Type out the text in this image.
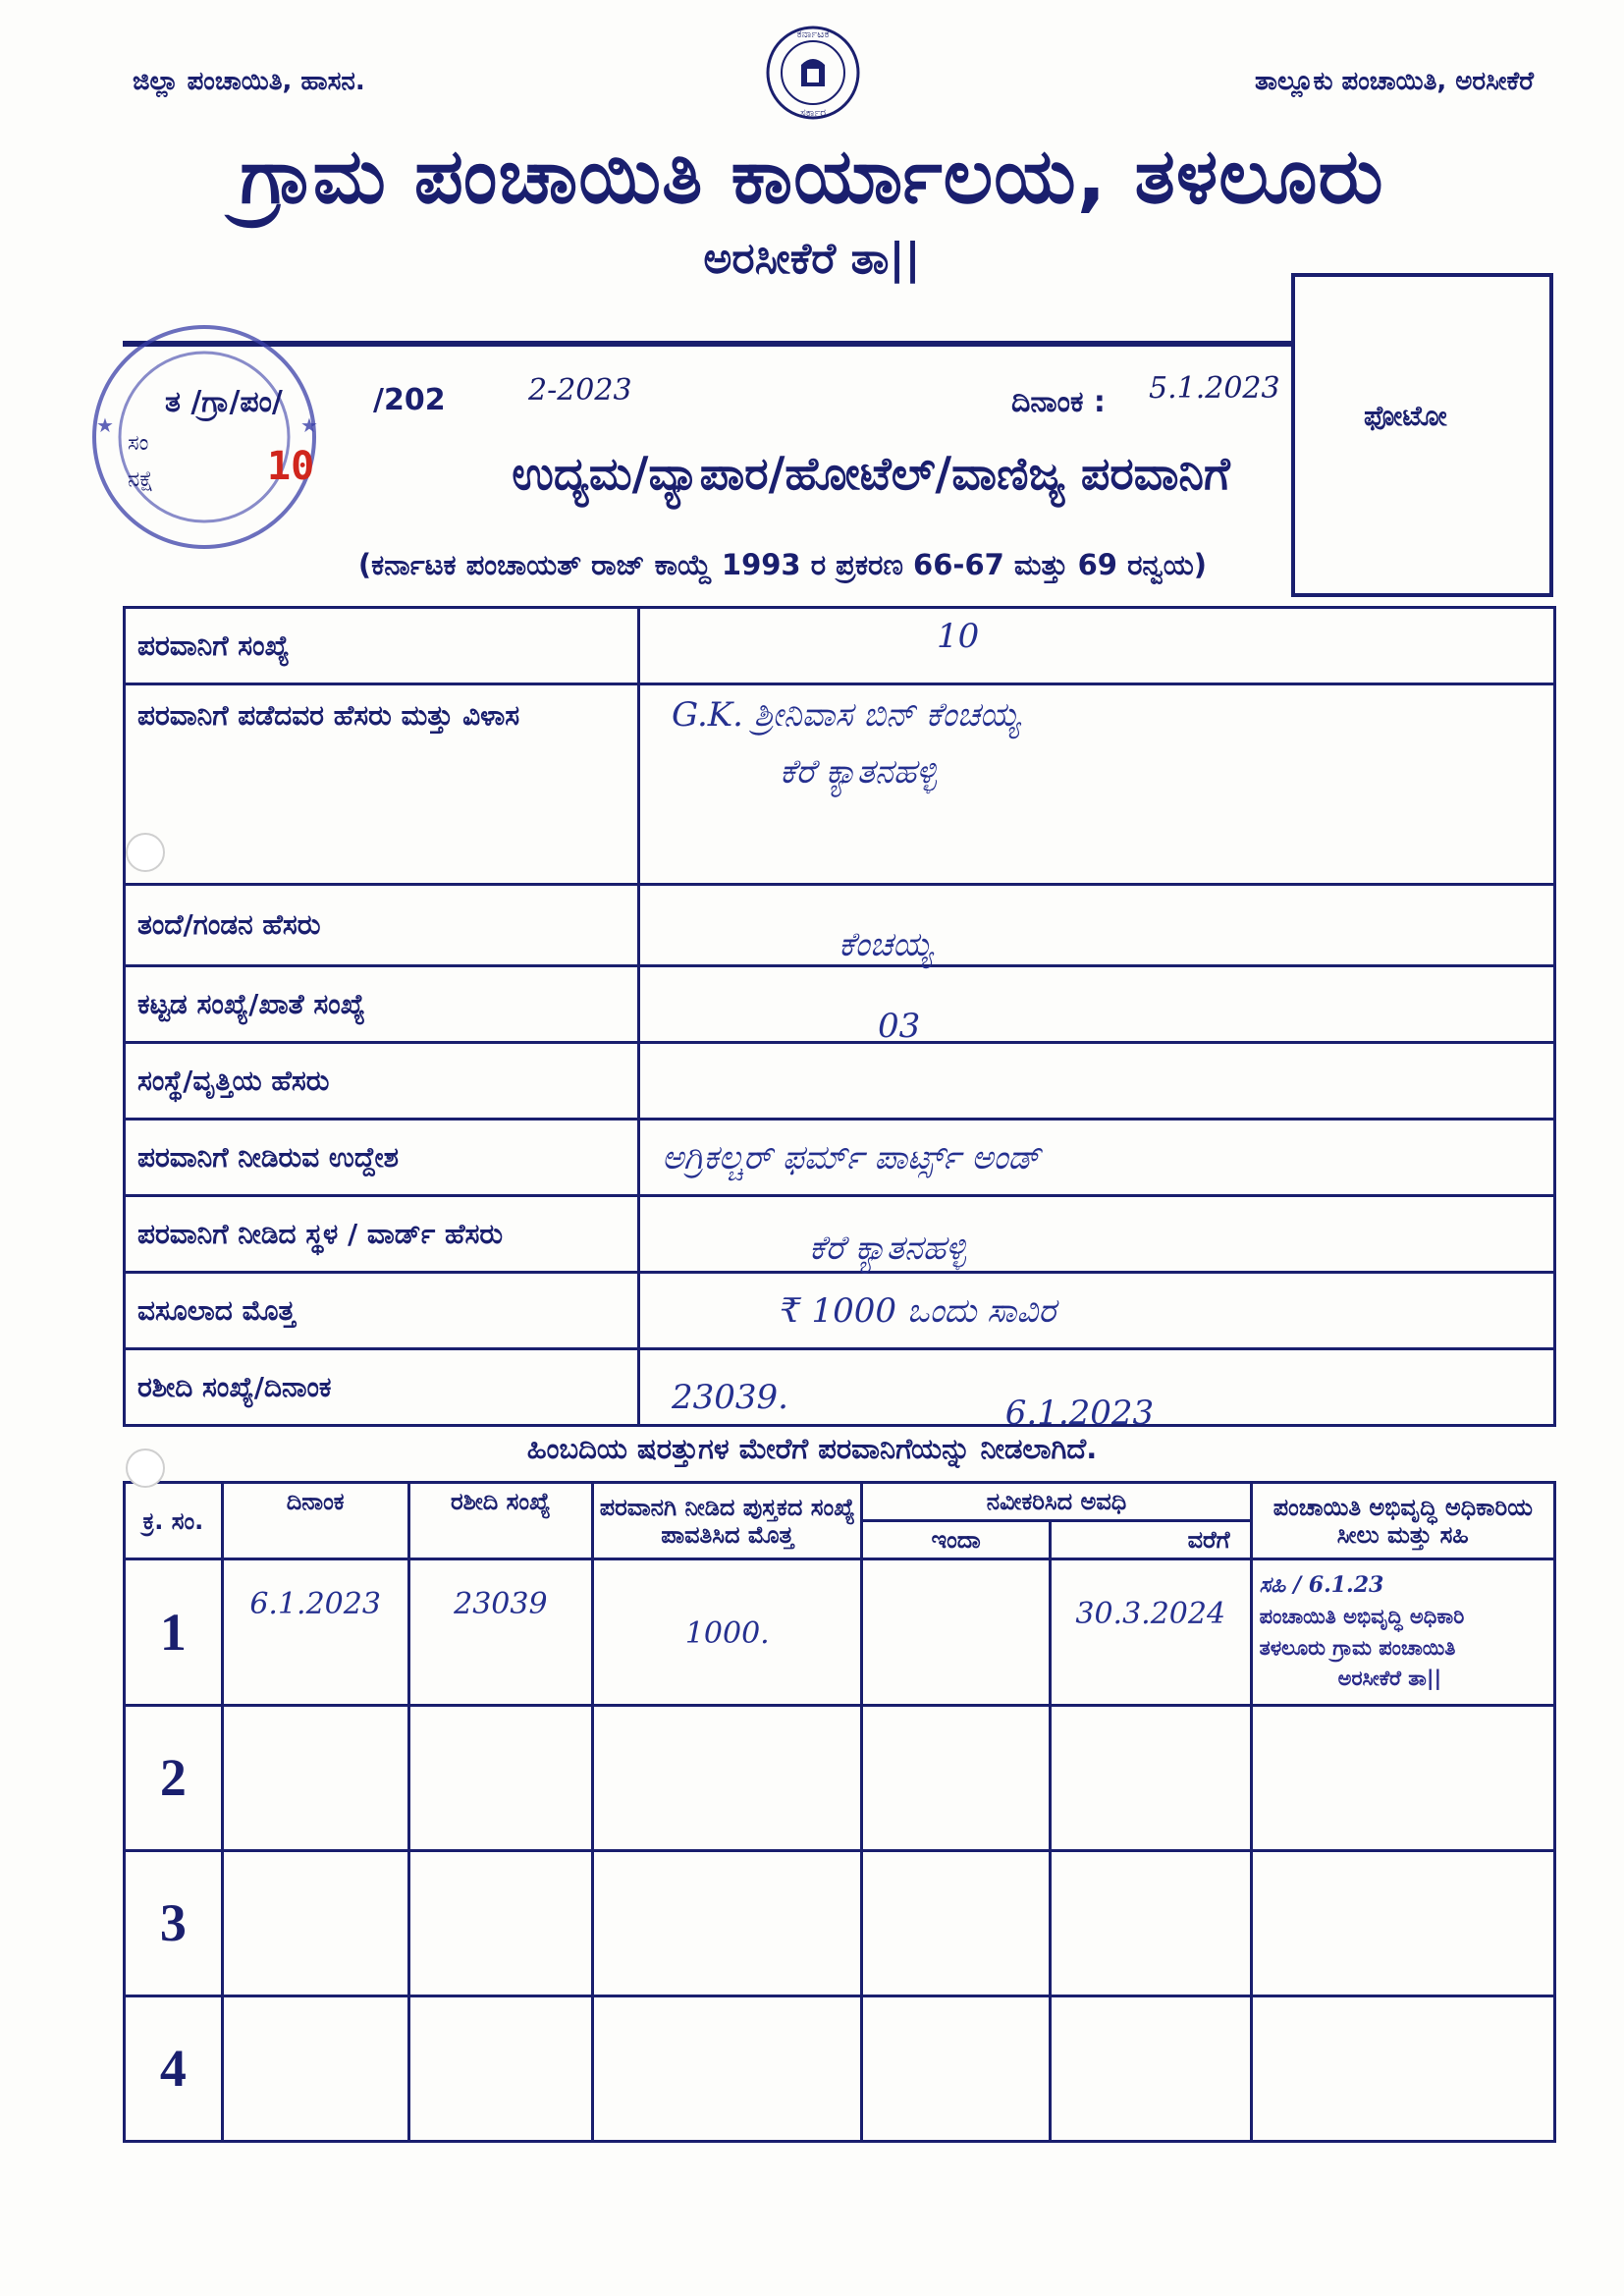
ಕರ್ನಾಟಕ
ಸರ್ಕಾರ
ಜಿಲ್ಲಾ ಪಂಚಾಯಿತಿ, ಹಾಸನ.	ತಾಲ್ಲೂಕು ಪಂಚಾಯಿತಿ, ಅರಸೀಕೆರೆ
ಗ್ರಾಮ ಪಂಚಾಯಿತಿ ಕಾರ್ಯಾಲಯ, ತಳಲೂರು
ಅರಸೀಕೆರೆ ತಾ||
ಫೋಟೋ
★	★
ಸಂ
ನಕ್ಷೆ	10
ತ /ಗ್ರಾ/ಪಂ/	/202	2-2023	ದಿನಾಂಕ : 5.1.2023
ಉದ್ಯಮ/ವ್ಯಾಪಾರ/ಹೋಟೆಲ್/ವಾಣಿಜ್ಯ ಪರವಾನಿಗೆ
(ಕರ್ನಾಟಕ ಪಂಚಾಯತ್ ರಾಜ್ ಕಾಯ್ದೆ 1993 ರ ಪ್ರಕರಣ 66-67 ಮತ್ತು 69 ರನ್ವಯ)
ಪರವಾನಿಗೆ ಸಂಖ್ಯೆ	10
ಪರವಾನಿಗೆ ಪಡೆದವರ ಹೆಸರು ಮತ್ತು ವಿಳಾಸ	G.K. ಶ್ರೀನಿವಾಸ ಬಿನ್ ಕೆಂಚಯ್ಯ
ಕೆರೆ ಕ್ಯಾತನಹಳ್ಳಿ

ತಂದೆ/ಗಂಡನ ಹೆಸರು	ಕೆಂಚಯ್ಯ
ಕಟ್ಟಡ ಸಂಖ್ಯೆ/ಖಾತೆ ಸಂಖ್ಯೆ	03
ಸಂಸ್ಥೆ/ವೃತ್ತಿಯ ಹೆಸರು	
ಪರವಾನಿಗೆ ನೀಡಿರುವ ಉದ್ದೇಶ	ಅಗ್ರಿಕಲ್ಚರ್ ಫರ್ಮ್ ಪಾರ್ಟ್ಸ್ ಅಂಡ್
ಪರವಾನಿಗೆ ನೀಡಿದ ಸ್ಥಳ / ವಾರ್ಡ್ ಹೆಸರು	ಕೆರೆ ಕ್ಯಾತನಹಳ್ಳಿ
ವಸೂಲಾದ ಮೊತ್ತ	₹ 1000 ಒಂದು ಸಾವಿರ
ರಶೀದಿ ಸಂಖ್ಯೆ/ದಿನಾಂಕ	23039. 6.1.2023
ಹಿಂಬದಿಯ ಷರತ್ತುಗಳ ಮೇರೆಗೆ ಪರವಾನಿಗೆಯನ್ನು ನೀಡಲಾಗಿದೆ.
ಕ್ರ. ಸಂ.	ದಿನಾಂಕ	ರಶೀದಿ ಸಂಖ್ಯೆ	ಪರವಾನಗಿ ನೀಡಿದ ಪುಸ್ತಕದ ಸಂಖ್ಯೆ ಪಾವತಿಸಿದ ಮೊತ್ತ	ನವೀಕರಿಸಿದ ಅವಧಿ		ಪಂಚಾಯಿತಿ ಅಭಿವೃದ್ಧಿ ಅಧಿಕಾರಿಯ ಸೀಲು ಮತ್ತು ಸಹಿ
				ಇಂದಾ	ವರೆಗೆ	
1	6.1.2023	23039	1000.		30.3.2024	ಸಹಿ / 6.1.23
ಪಂಚಾಯಿತಿ ಅಭಿವೃದ್ಧಿ ಅಧಿಕಾರಿ
ತಳಲೂರು ಗ್ರಾಮ ಪಂಚಾಯಿತಿ
ಅರಸೀಕೆರೆ ತಾ||

2						
3						
4						
